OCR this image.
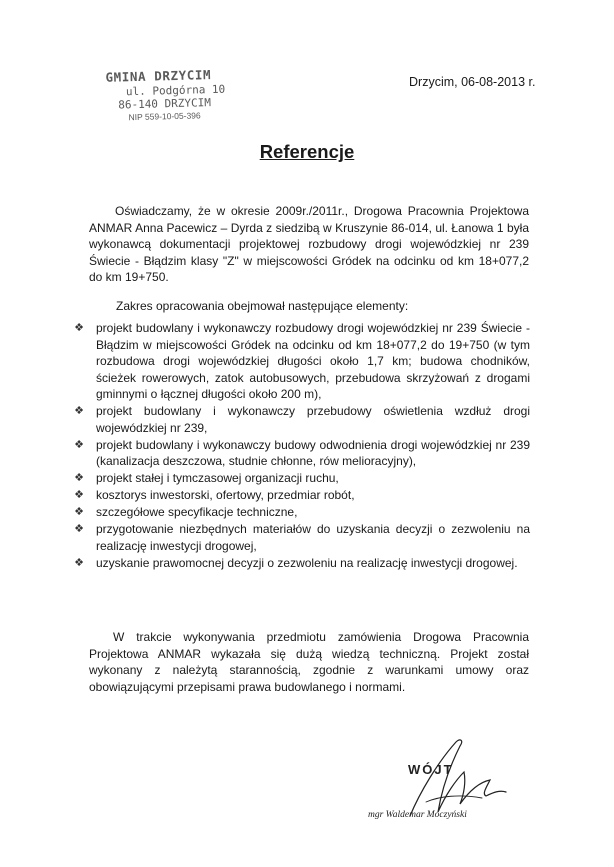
GMINA DRZYCIM
ul. Podgórna 10
86-140 DRZYCIM
NIP 559-10-05-396
Drzycim, 06-08-2013 r.
Referencje
Oświadczamy, że w okresie 2009r./2011r., Drogowa Pracownia Projektowa ANMAR Anna Pacewicz – Dyrda z siedzibą w Kruszynie 86-014, ul. Łanowa 1 była wykonawcą dokumentacji projektowej rozbudowy drogi wojewódzkiej nr 239 Świecie - Błądzim klasy "Z" w miejscowości Gródek na odcinku od km 18+077,2 do km 19+750.
Zakres opracowania obejmował następujące elementy:
❖ projekt budowlany i wykonawczy rozbudowy drogi wojewódzkiej nr 239 Świecie - Błądzim w miejscowości Gródek na odcinku od km 18+077,2 do 19+750 (w tym rozbudowa drogi wojewódzkiej długości około 1,7 km; budowa chodników, ścieżek rowerowych, zatok autobusowych, przebudowa skrzyżowań z drogami gminnymi o łącznej długości około 200 m),
❖ projekt budowlany i wykonawczy przebudowy oświetlenia wzdłuż drogi wojewódzkiej nr 239,
❖ projekt budowlany i wykonawczy budowy odwodnienia drogi wojewódzkiej nr 239 (kanalizacja deszczowa, studnie chłonne, rów melioracyjny),
❖ projekt stałej i tymczasowej organizacji ruchu,
❖ kosztorys inwestorski, ofertowy, przedmiar robót,
❖ szczegółowe specyfikacje techniczne,
❖ przygotowanie niezbędnych materiałów do uzyskania decyzji o zezwoleniu na realizację inwestycji drogowej,
❖ uzyskanie prawomocnej decyzji o zezwoleniu na realizację inwestycji drogowej.
W trakcie wykonywania przedmiotu zamówienia Drogowa Pracownia Projektowa ANMAR wykazała się dużą wiedzą techniczną. Projekt został wykonany z należytą starannością, zgodnie z warunkami umowy oraz obowiązującymi przepisami prawa budowlanego i normami.
WÓJT
mgr Waldemar Moczyński
